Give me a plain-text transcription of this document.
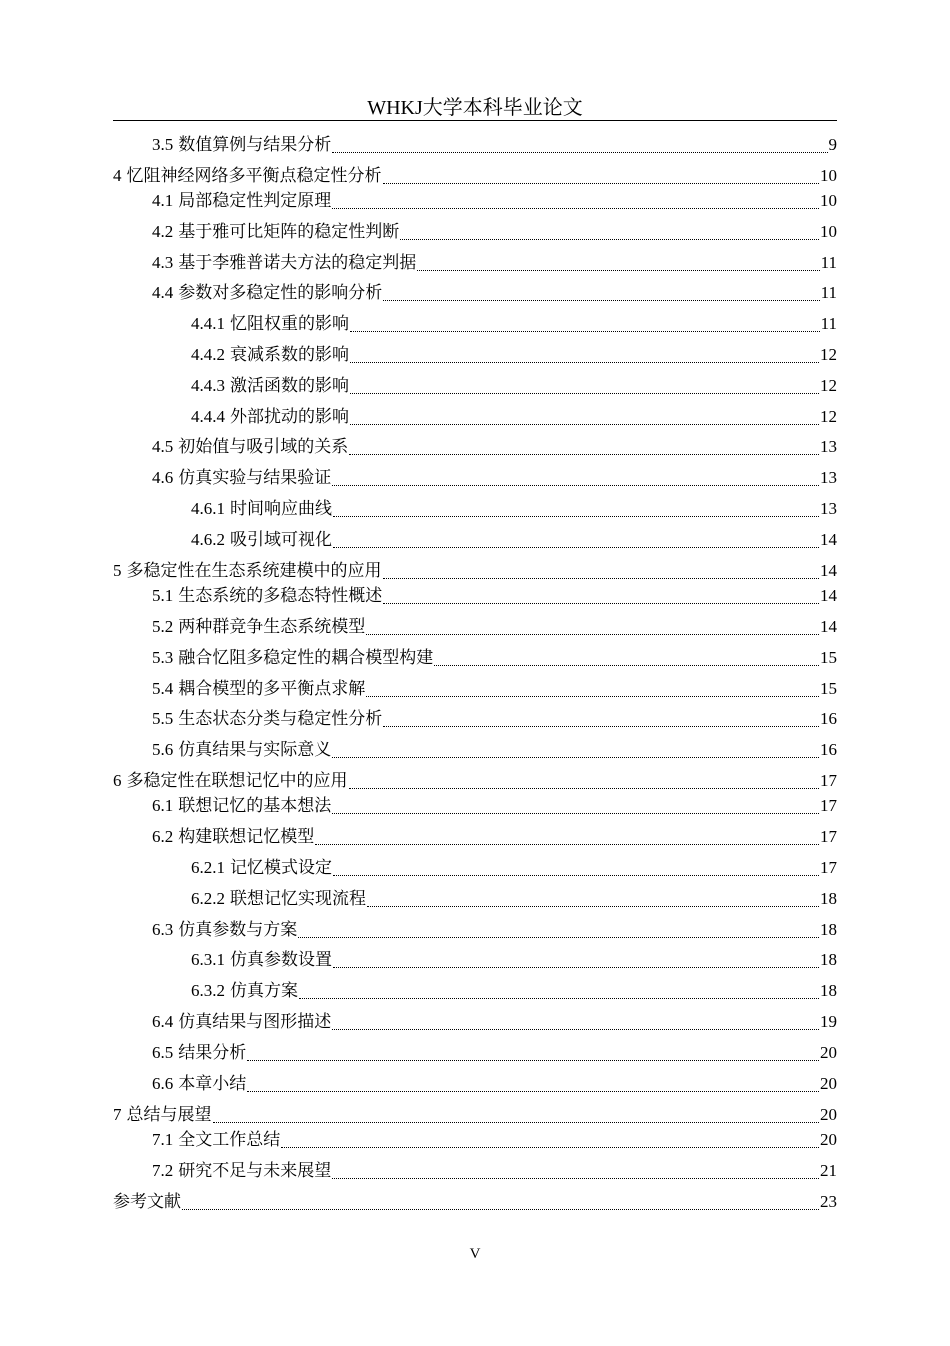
WHKJ大学本科毕业论文
3.5 数值算例与结果分析	9
4 忆阻神经网络多平衡点稳定性分析	10
4.1 局部稳定性判定原理	10
4.2 基于雅可比矩阵的稳定性判断	10
4.3 基于李雅普诺夫方法的稳定判据	11
4.4 参数对多稳定性的影响分析	11
4.4.1 忆阻权重的影响	11
4.4.2 衰减系数的影响	12
4.4.3 激活函数的影响	12
4.4.4 外部扰动的影响	12
4.5 初始值与吸引域的关系	13
4.6 仿真实验与结果验证	13
4.6.1 时间响应曲线	13
4.6.2 吸引域可视化	14
5 多稳定性在生态系统建模中的应用	14
5.1 生态系统的多稳态特性概述	14
5.2 两种群竞争生态系统模型	14
5.3 融合忆阻多稳定性的耦合模型构建	15
5.4 耦合模型的多平衡点求解	15
5.5 生态状态分类与稳定性分析	16
5.6 仿真结果与实际意义	16
6 多稳定性在联想记忆中的应用	17
6.1 联想记忆的基本想法	17
6.2 构建联想记忆模型	17
6.2.1 记忆模式设定	17
6.2.2 联想记忆实现流程	18
6.3 仿真参数与方案	18
6.3.1 仿真参数设置	18
6.3.2 仿真方案	18
6.4 仿真结果与图形描述	19
6.5 结果分析	20
6.6 本章小结	20
7 总结与展望	20
7.1 全文工作总结	20
7.2 研究不足与未来展望	21
参考文献	23
V
